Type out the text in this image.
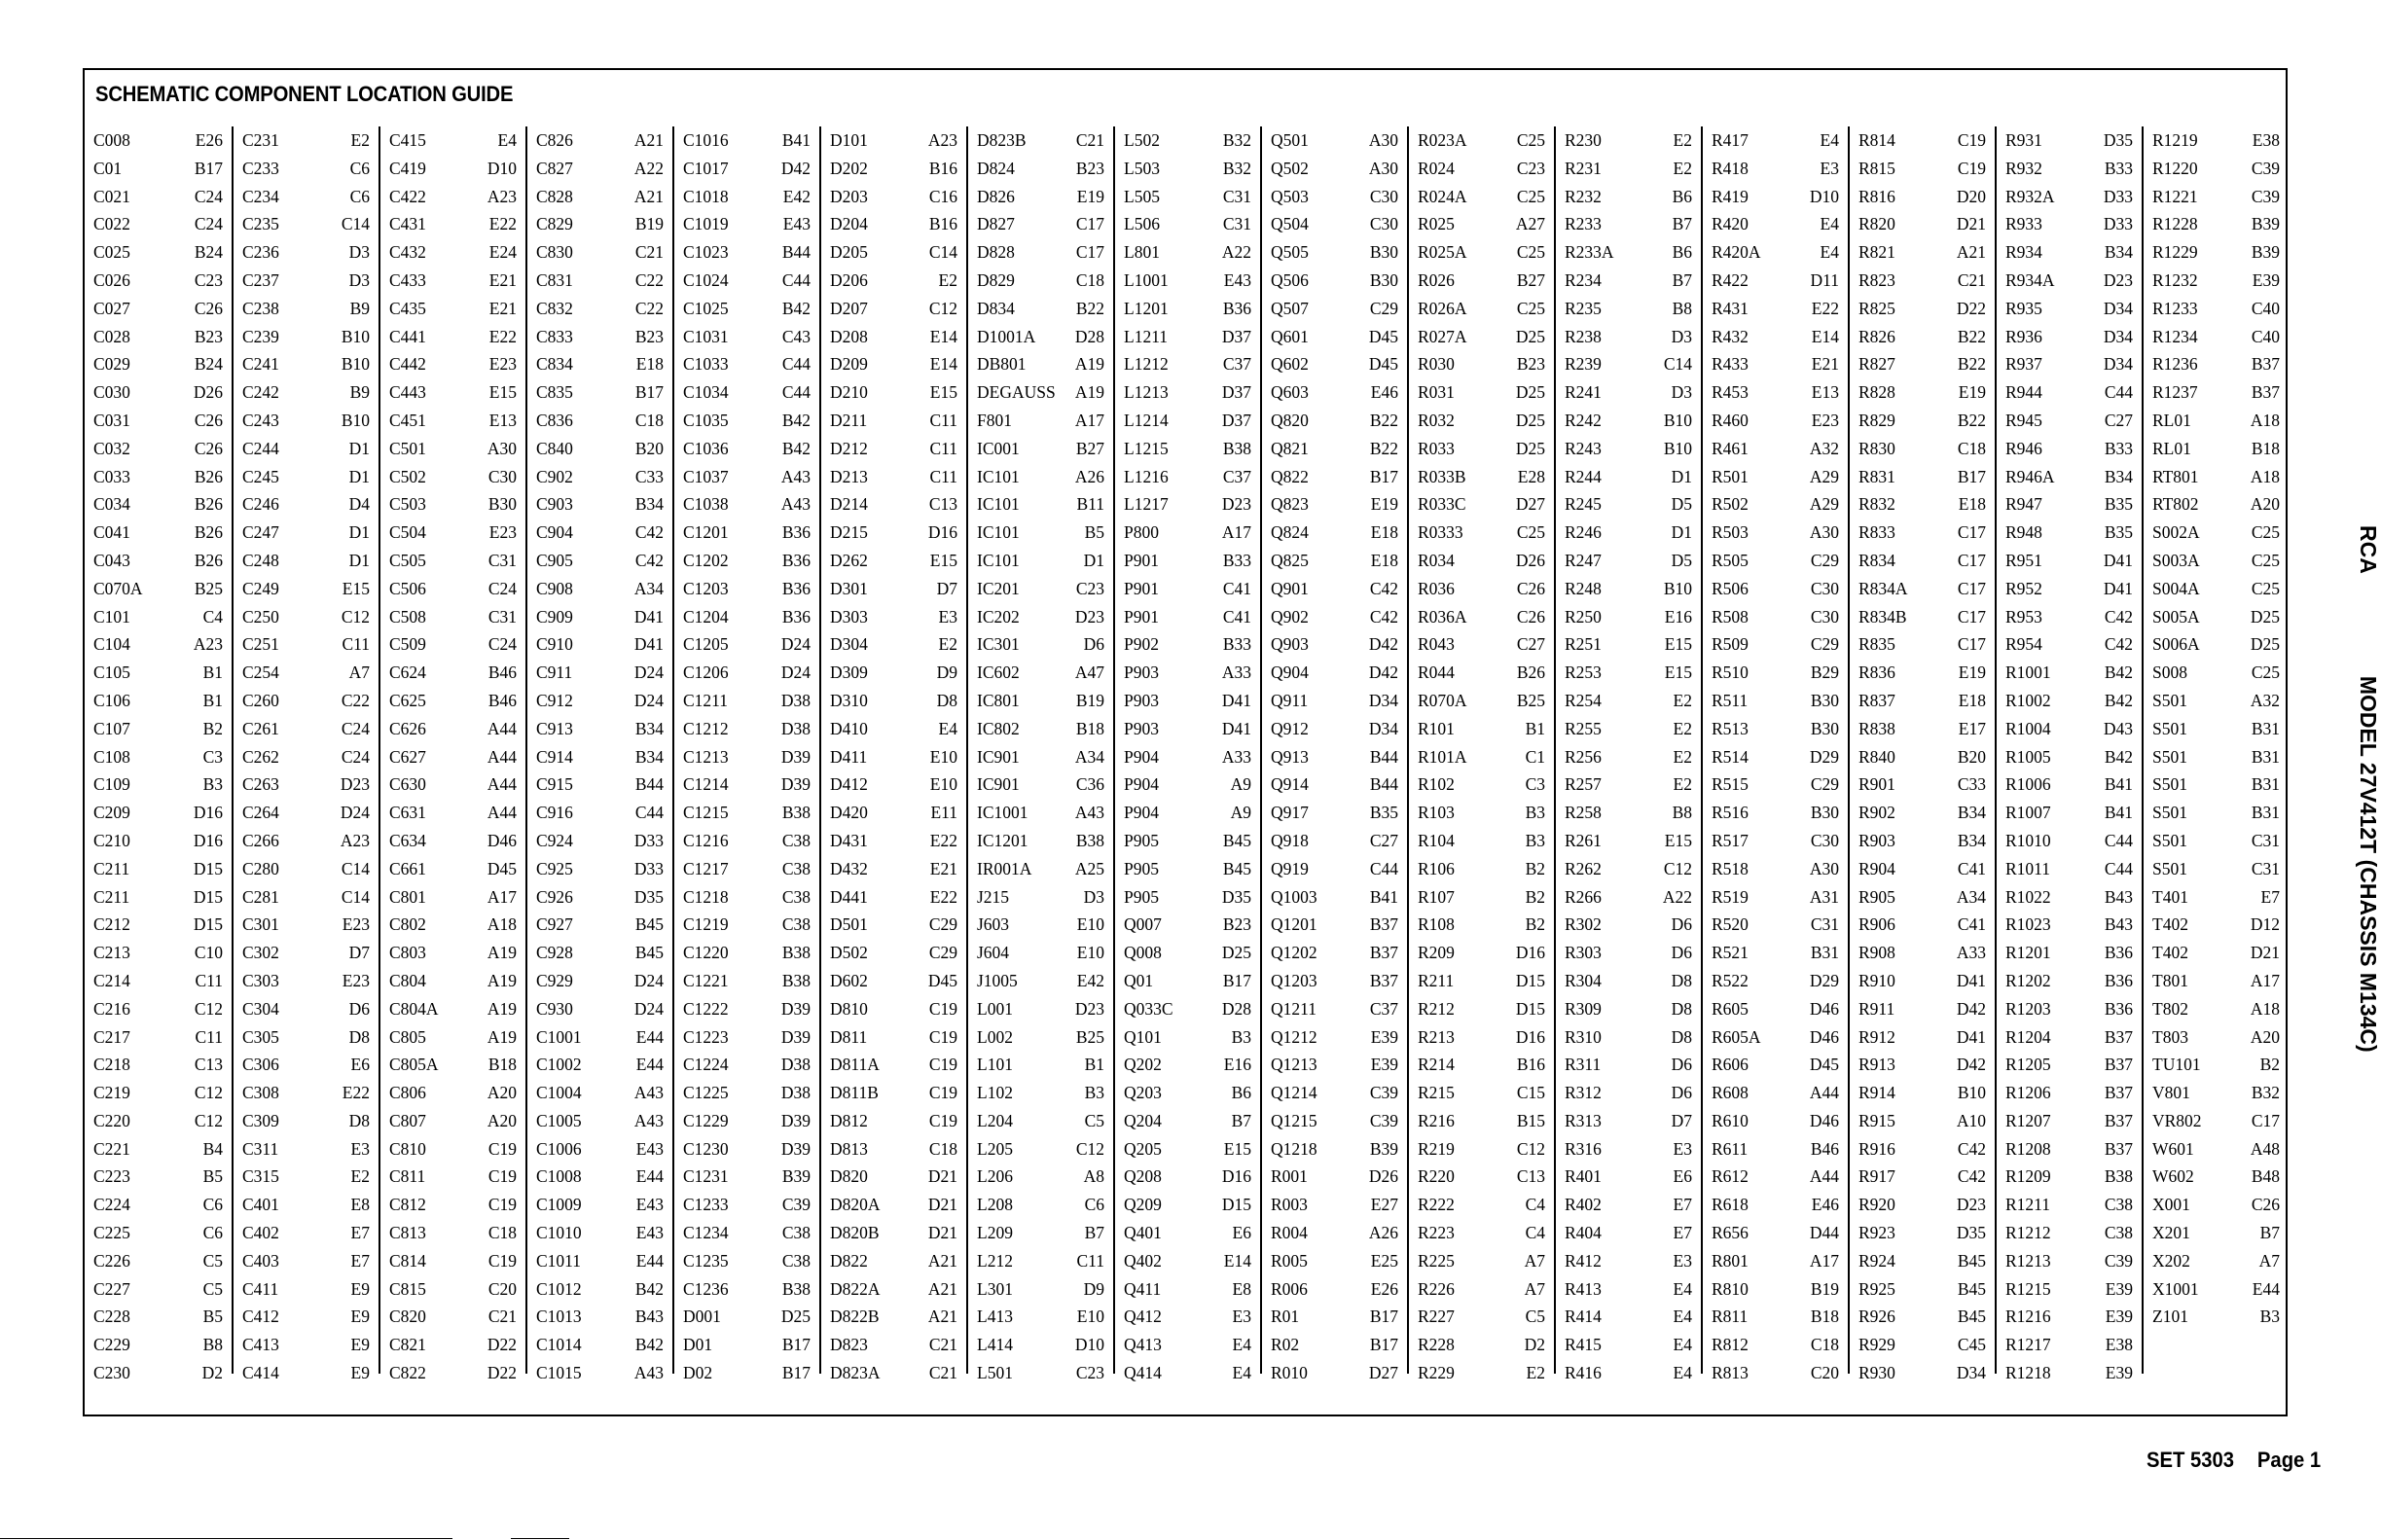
SCHEMATIC COMPONENT LOCATION GUIDE
C008	E26
C01	B17
C021	C24
C022	C24
C025	B24
C026	C23
C027	C26
C028	B23
C029	B24
C030	D26
C031	C26
C032	C26
C033	B26
C034	B26
C041	B26
C043	B26
C070A	B25
C101	C4
C104	A23
C105	B1
C106	B1
C107	B2
C108	C3
C109	B3
C209	D16
C210	D16
C211	D15
C211	D15
C212	D15
C213	C10
C214	C11
C216	C12
C217	C11
C218	C13
C219	C12
C220	C12
C221	B4
C223	B5
C224	C6
C225	C6
C226	C5
C227	C5
C228	B5
C229	B8
C230	D2
C231	E2
C233	C6
C234	C6
C235	C14
C236	D3
C237	D3
C238	B9
C239	B10
C241	B10
C242	B9
C243	B10
C244	D1
C245	D1
C246	D4
C247	D1
C248	D1
C249	E15
C250	C12
C251	C11
C254	A7
C260	C22
C261	C24
C262	C24
C263	D23
C264	D24
C266	A23
C280	C14
C281	C14
C301	E23
C302	D7
C303	E23
C304	D6
C305	D8
C306	E6
C308	E22
C309	D8
C311	E3
C315	E2
C401	E8
C402	E7
C403	E7
C411	E9
C412	E9
C413	E9
C414	E9
C415	E4
C419	D10
C422	A23
C431	E22
C432	E24
C433	E21
C435	E21
C441	E22
C442	E23
C443	E15
C451	E13
C501	A30
C502	C30
C503	B30
C504	E23
C505	C31
C506	C24
C508	C31
C509	C24
C624	B46
C625	B46
C626	A44
C627	A44
C630	A44
C631	A44
C634	D46
C661	D45
C801	A17
C802	A18
C803	A19
C804	A19
C804A	A19
C805	A19
C805A	B18
C806	A20
C807	A20
C810	C19
C811	C19
C812	C19
C813	C18
C814	C19
C815	C20
C820	C21
C821	D22
C822	D22
C826	A21
C827	A22
C828	A21
C829	B19
C830	C21
C831	C22
C832	C22
C833	B23
C834	E18
C835	B17
C836	C18
C840	B20
C902	C33
C903	B34
C904	C42
C905	C42
C908	A34
C909	D41
C910	D41
C911	D24
C912	D24
C913	B34
C914	B34
C915	B44
C916	C44
C924	D33
C925	D33
C926	D35
C927	B45
C928	B45
C929	D24
C930	D24
C1001	E44
C1002	E44
C1004	A43
C1005	A43
C1006	E43
C1008	E44
C1009	E43
C1010	E43
C1011	E44
C1012	B42
C1013	B43
C1014	B42
C1015	A43
C1016	B41
C1017	D42
C1018	E42
C1019	E43
C1023	B44
C1024	C44
C1025	B42
C1031	C43
C1033	C44
C1034	C44
C1035	B42
C1036	B42
C1037	A43
C1038	A43
C1201	B36
C1202	B36
C1203	B36
C1204	B36
C1205	D24
C1206	D24
C1211	D38
C1212	D38
C1213	D39
C1214	D39
C1215	B38
C1216	C38
C1217	C38
C1218	C38
C1219	C38
C1220	B38
C1221	B38
C1222	D39
C1223	D39
C1224	D38
C1225	D38
C1229	D39
C1230	D39
C1231	B39
C1233	C39
C1234	C38
C1235	C38
C1236	B38
D001	D25
D01	B17
D02	B17
D101	A23
D202	B16
D203	C16
D204	B16
D205	C14
D206	E2
D207	C12
D208	E14
D209	E14
D210	E15
D211	C11
D212	C11
D213	C11
D214	C13
D215	D16
D262	E15
D301	D7
D303	E3
D304	E2
D309	D9
D310	D8
D410	E4
D411	E10
D412	E10
D420	E11
D431	E22
D432	E21
D441	E22
D501	C29
D502	C29
D602	D45
D810	C19
D811	C19
D811A	C19
D811B	C19
D812	C19
D813	C18
D820	D21
D820A	D21
D820B	D21
D822	A21
D822A	A21
D822B	A21
D823	C21
D823A	C21
D823B	C21
D824	B23
D826	E19
D827	C17
D828	C17
D829	C18
D834	B22
D1001A D28
DB801	A19
DEGAUSS A19
F801	A17
IC001	B27
IC101	A26
IC101	B11
IC101	B5
IC101	D1
IC201	C23
IC202	D23
IC301	D6
IC602	A47
IC801	B19
IC802	B18
IC901	A34
IC901	C36
IC1001	A43
IC1201	B38
IR001A	A25
J215	D3
J603	E10
J604	E10
J1005	E42
L001	D23
L002	B25
L101	B1
L102	B3
L204	C5
L205	C12
L206	A8
L208	C6
L209	B7
L212	C11
L301	D9
L413	E10
L414	D10
L501	C23
L502	B32
L503	B32
L505	C31
L506	C31
L801	A22
L1001	E43
L1201	B36
L1211	D37
L1212	C37
L1213	D37
L1214	D37
L1215	B38
L1216	C37
L1217	D23
P800	A17
P901	B33
P901	C41
P901	C41
P902	B33
P903	A33
P903	D41
P903	D41
P904	A33
P904	A9
P904	A9
P905	B45
P905	B45
P905	D35
Q007	B23
Q008	D25
Q01	B17
Q033C	D28
Q101	B3
Q202	E16
Q203	B6
Q204	B7
Q205	E15
Q208	D16
Q209	D15
Q401	E6
Q402	E14
Q411	E8
Q412	E3
Q413	E4
Q414	E4
Q501	A30
Q502	A30
Q503	C30
Q504	C30
Q505	B30
Q506	B30
Q507	C29
Q601	D45
Q602	D45
Q603	E46
Q820	B22
Q821	B22
Q822	B17
Q823	E19
Q824	E18
Q825	E18
Q901	C42
Q902	C42
Q903	D42
Q904	D42
Q911	D34
Q912	D34
Q913	B44
Q914	B44
Q917	B35
Q918	C27
Q919	C44
Q1003	B41
Q1201	B37
Q1202	B37
Q1203	B37
Q1211	C37
Q1212	E39
Q1213	E39
Q1214	C39
Q1215	C39
Q1218	B39
R001	D26
R003	E27
R004	A26
R005	E25
R006	E26
R01	B17
R02	B17
R010	D27
R023A	C25
R024	C23
R024A	C25
R025	A27
R025A	C25
R026	B27
R026A	C25
R027A	D25
R030	B23
R031	D25
R032	D25
R033	D25
R033B	E28
R033C	D27
R0333	C25
R034	D26
R036	C26
R036A	C26
R043	C27
R044	B26
R070A	B25
R101	B1
R101A	C1
R102	C3
R103	B3
R104	B3
R106	B2
R107	B2
R108	B2
R209	D16
R211	D15
R212	D15
R213	D16
R214	B16
R215	C15
R216	B15
R219	C12
R220	C13
R222	C4
R223	C4
R225	A7
R226	A7
R227	C5
R228	D2
R229	E2
R230	E2
R231	E2
R232	B6
R233	B7
R233A	B6
R234	B7
R235	B8
R238	D3
R239	C14
R241	D3
R242	B10
R243	B10
R244	D1
R245	D5
R246	D1
R247	D5
R248	B10
R250	E16
R251	E15
R253	E15
R254	E2
R255	E2
R256	E2
R257	E2
R258	B8
R261	E15
R262	C12
R266	A22
R302	D6
R303	D6
R304	D8
R309	D8
R310	D8
R311	D6
R312	D6
R313	D7
R316	E3
R401	E6
R402	E7
R404	E7
R412	E3
R413	E4
R414	E4
R415	E4
R416	E4
R417	E4
R418	E3
R419	D10
R420	E4
R420A	E4
R422	D11
R431	E22
R432	E14
R433	E21
R453	E13
R460	E23
R461	A32
R501	A29
R502	A29
R503	A30
R505	C29
R506	C30
R508	C30
R509	C29
R510	B29
R511	B30
R513	B30
R514	D29
R515	C29
R516	B30
R517	C30
R518	A30
R519	A31
R520	C31
R521	B31
R522	D29
R605	D46
R605A	D46
R606	D45
R608	A44
R610	D46
R611	B46
R612	A44
R618	E46
R656	D44
R801	A17
R810	B19
R811	B18
R812	C18
R813	C20
R814	C19
R815	C19
R816	D20
R820	D21
R821	A21
R823	C21
R825	D22
R826	B22
R827	B22
R828	E19
R829	B22
R830	C18
R831	B17
R832	E18
R833	C17
R834	C17
R834A	C17
R834B	C17
R835	C17
R836	E19
R837	E18
R838	E17
R840	B20
R901	C33
R902	B34
R903	B34
R904	C41
R905	A34
R906	C41
R908	A33
R910	D41
R911	D42
R912	D41
R913	D42
R914	B10
R915	A10
R916	C42
R917	C42
R920	D23
R923	D35
R924	B45
R925	B45
R926	B45
R929	C45
R930	D34
R931	D35
R932	B33
R932A	D33
R933	D33
R934	B34
R934A	D23
R935	D34
R936	D34
R937	D34
R944	C44
R945	C27
R946	B33
R946A	B34
R947	B35
R948	B35
R951	D41
R952	D41
R953	C42
R954	C42
R1001	B42
R1002	B42
R1004	D43
R1005	B42
R1006	B41
R1007	B41
R1010	C44
R1011	C44
R1022	B43
R1023	B43
R1201	B36
R1202	B36
R1203	B36
R1204	B37
R1205	B37
R1206	B37
R1207	B37
R1208	B37
R1209	B38
R1211	C38
R1212	C38
R1213	C39
R1215	E39
R1216	E39
R1217	E38
R1218	E39
R1219	E38
R1220	C39
R1221	C39
R1228	B39
R1229	B39
R1232	E39
R1233	C40
R1234	C40
R1236	B37
R1237	B37
RL01	A18
RL01	B18
RT801	A18
RT802	A20
S002A	C25
S003A	C25
S004A	C25
S005A	D25
S006A	D25
S008	C25
S501	A32
S501	B31
S501	B31
S501	B31
S501	B31
S501	C31
S501	C31
T401	E7
T402	D12
T402	D21
T801	A17
T802	A18
T803	A20
TU101	B2
V801	B32
VR802	C17
W601	A48
W602	B48
X001	C26
X201	B7
X202	A7
X1001	E44
Z101	B3
RCAMODEL 27V412T (CHASSIS M134C)
SET 5303 Page 1
